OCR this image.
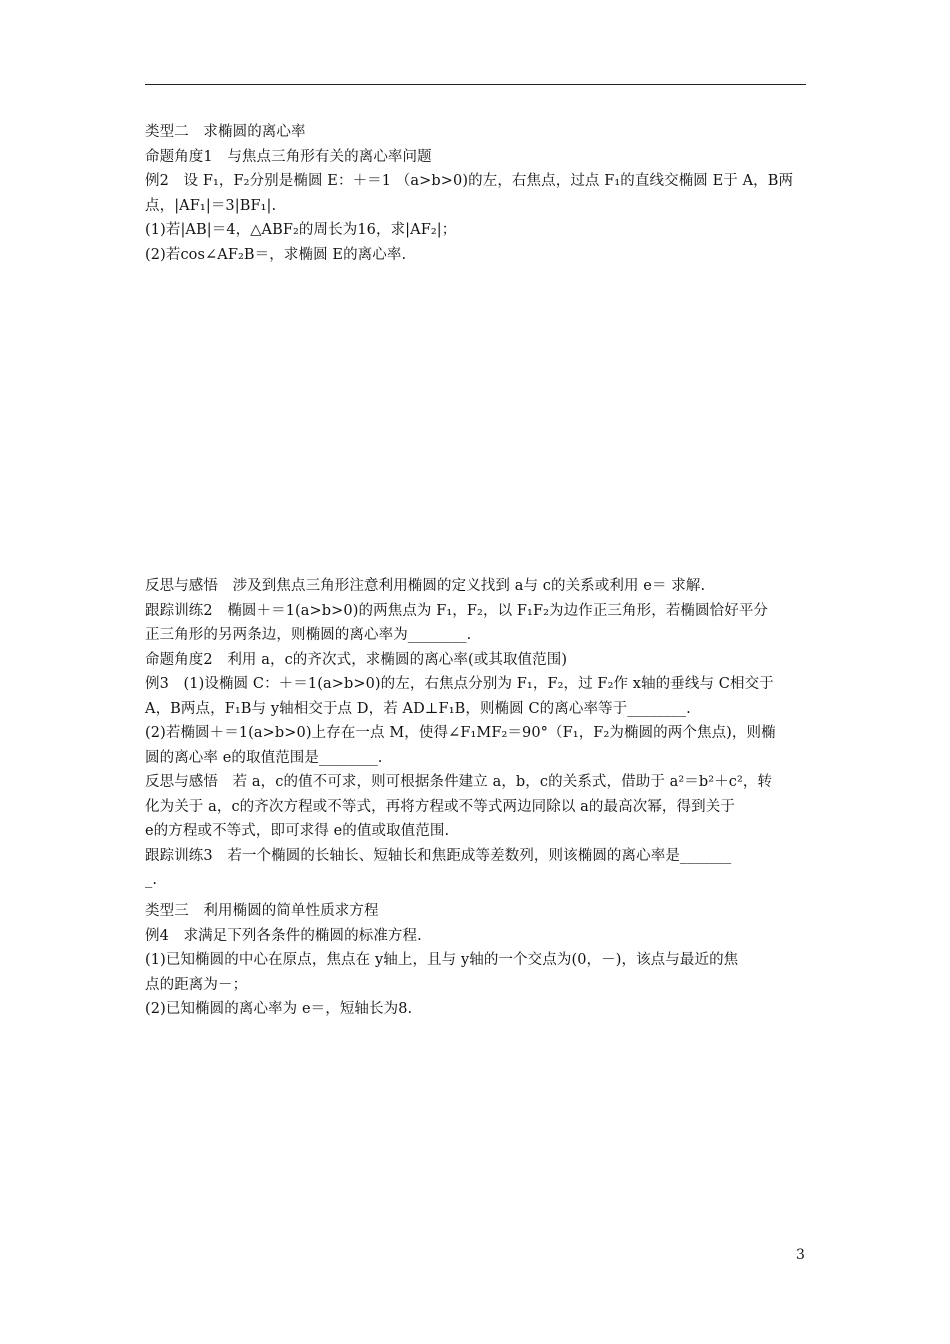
类型二　求椭圆的离心率
命题角度1　与焦点三角形有关的离心率问题
例2　设 F₁，F₂分别是椭圆 E：＋＝1 （a>b>0)的左，右焦点，过点 F₁的直线交椭圆 E于 A，B两
点，|AF₁|＝3|BF₁|.
(1)若|AB|＝4，△ABF₂的周长为16，求|AF₂|；
(2)若cos∠AF₂B＝，求椭圆 E的离心率.
反思与感悟　涉及到焦点三角形注意利用椭圆的定义找到 a与 c的关系或利用 e＝ 求解.
跟踪训练2　椭圆＋＝1(a>b>0)的两焦点为 F₁，F₂，以 F₁F₂为边作正三角形，若椭圆恰好平分
正三角形的另两条边，则椭圆的离心率为________.
命题角度2　利用 a，c的齐次式，求椭圆的离心率(或其取值范围)
例3　(1)设椭圆 C：＋＝1(a>b>0)的左，右焦点分别为 F₁，F₂，过 F₂作 x轴的垂线与 C相交于
A，B两点，F₁B与 y轴相交于点 D，若 AD⊥F₁B，则椭圆 C的离心率等于________.
(2)若椭圆＋＝1(a>b>0)上存在一点 M，使得∠F₁MF₂＝90°（F₁，F₂为椭圆的两个焦点)，则椭
圆的离心率 e的取值范围是________.
反思与感悟　若 a，c的值不可求，则可根据条件建立 a，b，c的关系式，借助于 a²＝b²＋c²，转
化为关于 a，c的齐次方程或不等式，再将方程或不等式两边同除以 a的最高次幂，得到关于
e的方程或不等式，即可求得 e的值或取值范围.
跟踪训练3　若一个椭圆的长轴长、短轴长和焦距成等差数列，则该椭圆的离心率是_______
_.
类型三　利用椭圆的简单性质求方程
例4　求满足下列各条件的椭圆的标准方程.
(1)已知椭圆的中心在原点，焦点在 y轴上，且与 y轴的一个交点为(0，－)，该点与最近的焦
点的距离为－；
(2)已知椭圆的离心率为 e＝，短轴长为8.
3
